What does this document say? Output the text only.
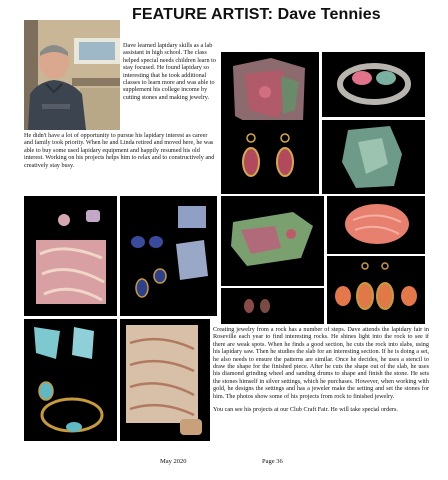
FEATURE ARTIST: Dave Tennies

Dave learned lapidary skills as a lab assistant in high school. The class helped special needs children learn to stay focused. He found lapidary so interesting that he took additional classes to learn more and was able to supplement his college income by cutting stones and making jewelry.

He didn't have a lot of opportunity to pursue his lapidary interest as career and family took priority. When he and Linda retired and moved here, he was able to buy some used lapidary equipment and happily resumed his old interest. Working on his projects helps him to relax and to constructively and creatively stay busy.

Creating jewelry from a rock has a number of steps. Dave attends the lapidary fair in Roseville each year to find interesting rocks. He shines light into the rock to see if there are weak spots. When he finds a good section, he cuts the rock into slabs, using his lapidary saw. Then he studies the slab for an interesting section. If he is doing a set, he also needs to ensure the patterns are similar. Once he decides, he uses a stencil to draw the shape for the finished piece. After he cuts the shape out of the slab, he uses his diamond grinding wheel and sanding drums to shape and finish the stone. He sets the stones himself in silver settings, which he purchases. However, when working with gold, he designs the settings and has a jeweler make the setting and set the stones for him. The photos show some of his projects from rock to finished jewelry.

You can see his projects at our Club Craft Fair. He will take special orders.

May 2020	Page 36
